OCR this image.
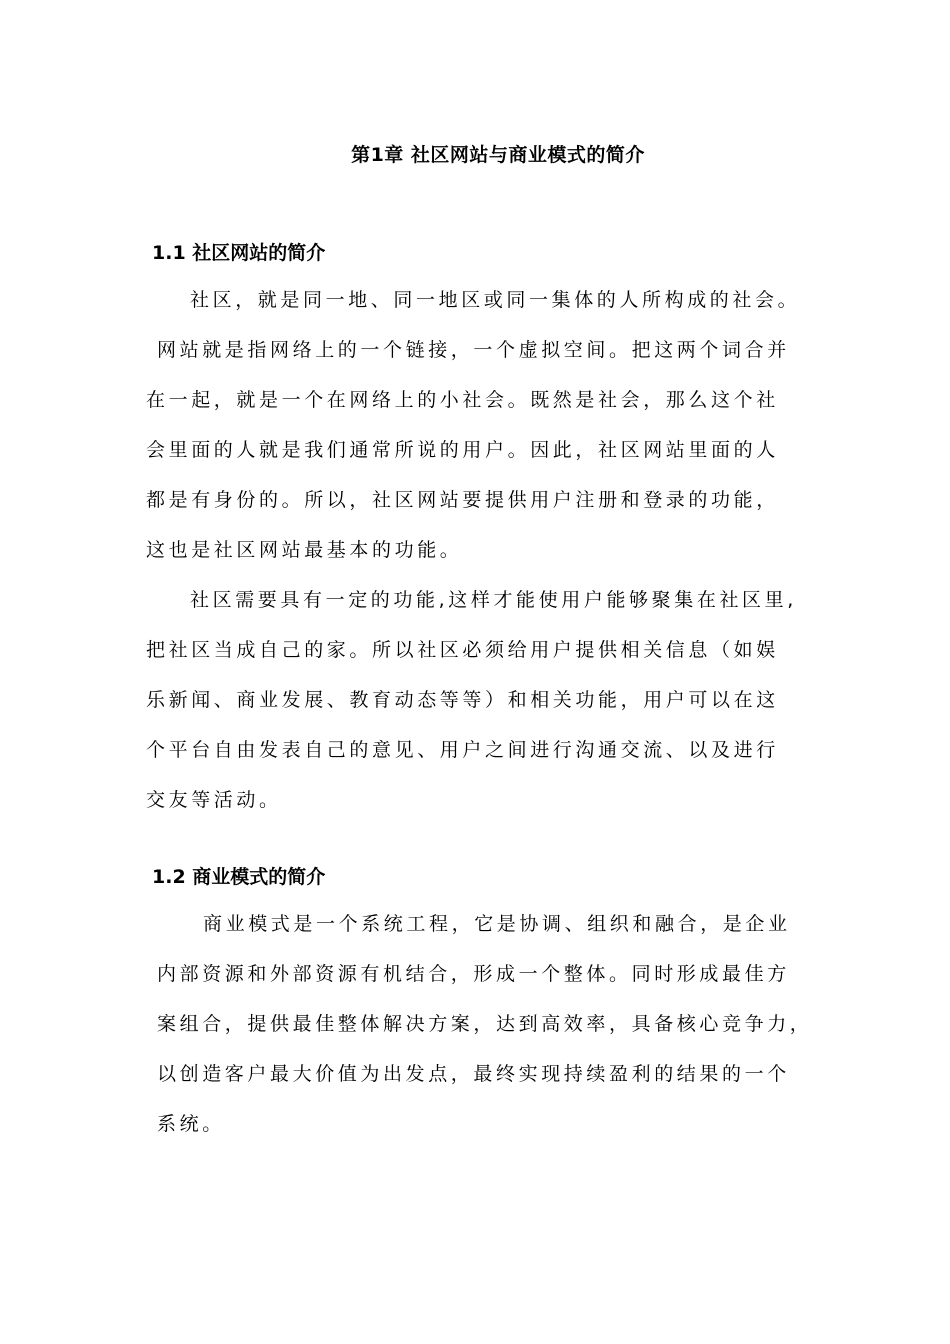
第1章 社区网站与商业模式的简介
1.1 社区网站的简介
社区，就是同一地、同一地区或同一集体的人所构成的社会。
网站就是指网络上的一个链接，一个虚拟空间。把这两个词合并
在一起，就是一个在网络上的小社会。既然是社会，那么这个社
会里面的人就是我们通常所说的用户。因此，社区网站里面的人
都是有身份的。所以，社区网站要提供用户注册和登录的功能，
这也是社区网站最基本的功能。
社区需要具有一定的功能,这样才能使用户能够聚集在社区里,
把社区当成自己的家。所以社区必须给用户提供相关信息（如娱
乐新闻、商业发展、教育动态等等）和相关功能，用户可以在这
个平台自由发表自己的意见、用户之间进行沟通交流、以及进行
交友等活动。
1.2 商业模式的简介
商业模式是一个系统工程，它是协调、组织和融合，是企业
内部资源和外部资源有机结合，形成一个整体。同时形成最佳方
案组合，提供最佳整体解决方案，达到高效率，具备核心竞争力，
以创造客户最大价值为出发点，最终实现持续盈利的结果的一个
系统。
